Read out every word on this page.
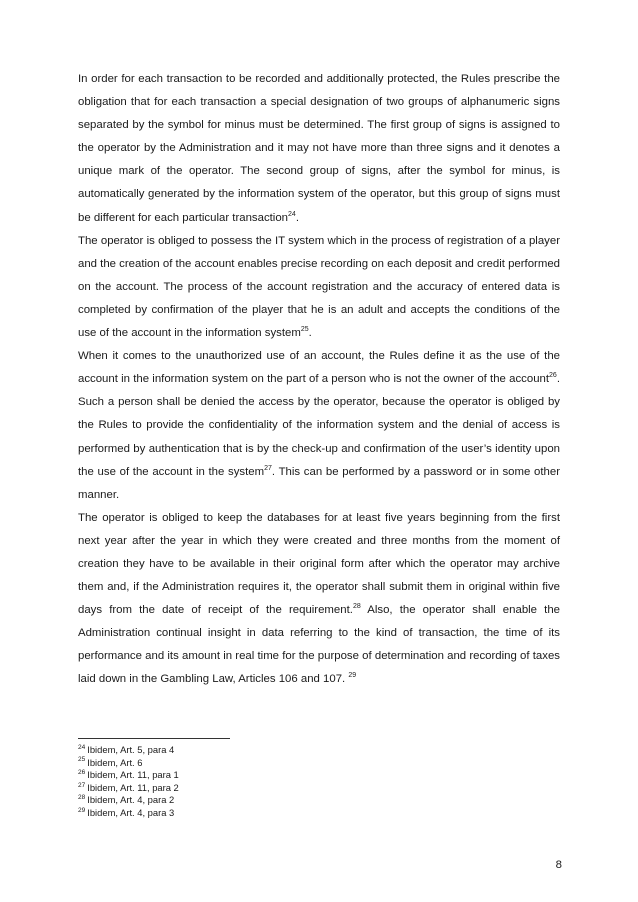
In order for each transaction to be recorded and additionally protected, the Rules prescribe the obligation that for each transaction a special designation of two groups of alphanumeric signs separated by the symbol for minus must be determined. The first group of signs is assigned to the operator by the Administration and it may not have more than three signs and it denotes a unique mark of the operator. The second group of signs, after the symbol for minus, is automatically generated by the information system of the operator, but this group of signs must be different for each particular transaction$^{24}$.

The operator is obliged to possess the IT system which in the process of registration of a player and the creation of the account enables precise recording on each deposit and credit performed on the account. The process of the account registration and the accuracy of entered data is completed by confirmation of the player that he is an adult and accepts the conditions of the use of the account in the information system$^{25}$.

When it comes to the unauthorized use of an account, the Rules define it as the use of the account in the information system on the part of a person who is not the owner of the account$^{26}$. Such a person shall be denied the access by the operator, because the operator is obliged by the Rules to provide the confidentiality of the information system and the denial of access is performed by authentication that is by the check-up and confirmation of the user’s identity upon the use of the account in the system$^{27}$. This can be performed by a password or in some other manner.

The operator is obliged to keep the databases for at least five years beginning from the first next year after the year in which they were created and three months from the moment of creation they have to be available in their original form after which the operator may archive them and, if the Administration requires it, the operator shall submit them in original within five days from the date of receipt of the requirement.$^{28}$ Also, the operator shall enable the Administration continual insight in data referring to the kind of transaction, the time of its performance and its amount in real time for the purpose of determination and recording of taxes laid down in the Gambling Law, Articles 106 and 107. $^{29}$

$^{24}$ Ibidem, Art. 5, para 4
$^{25}$ Ibidem, Art. 6
$^{26}$ Ibidem, Art. 11, para 1
$^{27}$ Ibidem, Art. 11, para 2
$^{28}$ Ibidem, Art. 4, para 2
$^{29}$ Ibidem, Art. 4, para 3
8
